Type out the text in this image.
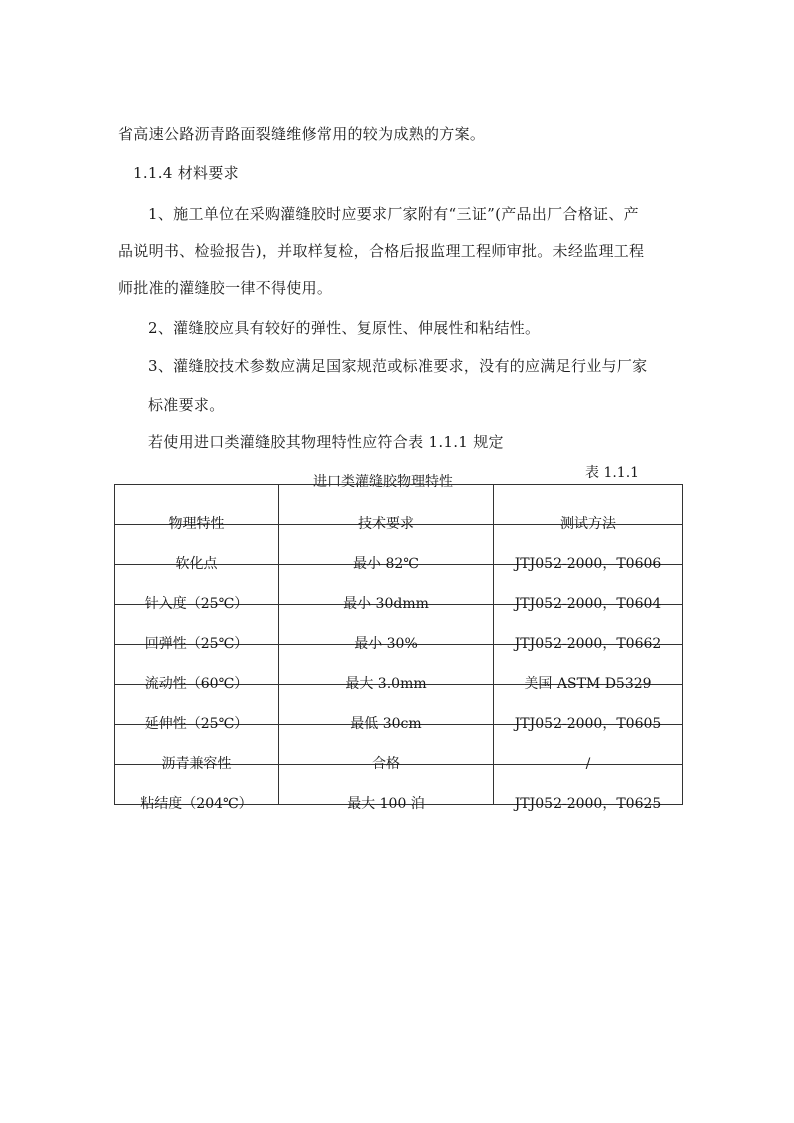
省高速公路沥青路面裂缝维修常用的较为成熟的方案。
1.1.4 材料要求
1、施工单位在采购灌缝胶时应要求厂家附有“三证”(产品出厂合格证、产
品说明书、检验报告)，并取样复检，合格后报监理工程师审批。未经监理工程
师批准的灌缝胶一律不得使用。
2、灌缝胶应具有较好的弹性、复原性、伸展性和粘结性。
3、灌缝胶技术参数应满足国家规范或标准要求，没有的应满足行业与厂家
标准要求。
若使用进口类灌缝胶其物理特性应符合表 1.1.1 规定
表 1.1.1
进口类灌缝胶物理特性
物理特性	技术要求	测试方法
软化点	最小 82℃	JTJ052-2000，T0606
针入度（25℃）	最小 30dmm	JTJ052-2000，T0604
回弹性（25℃）	最小 30%	JTJ052-2000，T0662
流动性（60℃）	最大 3.0mm	美国 ASTM D5329
延伸性（25℃）	最低 30cm	JTJ052-2000，T0605
沥青兼容性	合格	/
粘结度（204℃）	最大 100 泊	JTJ052-2000，T0625
